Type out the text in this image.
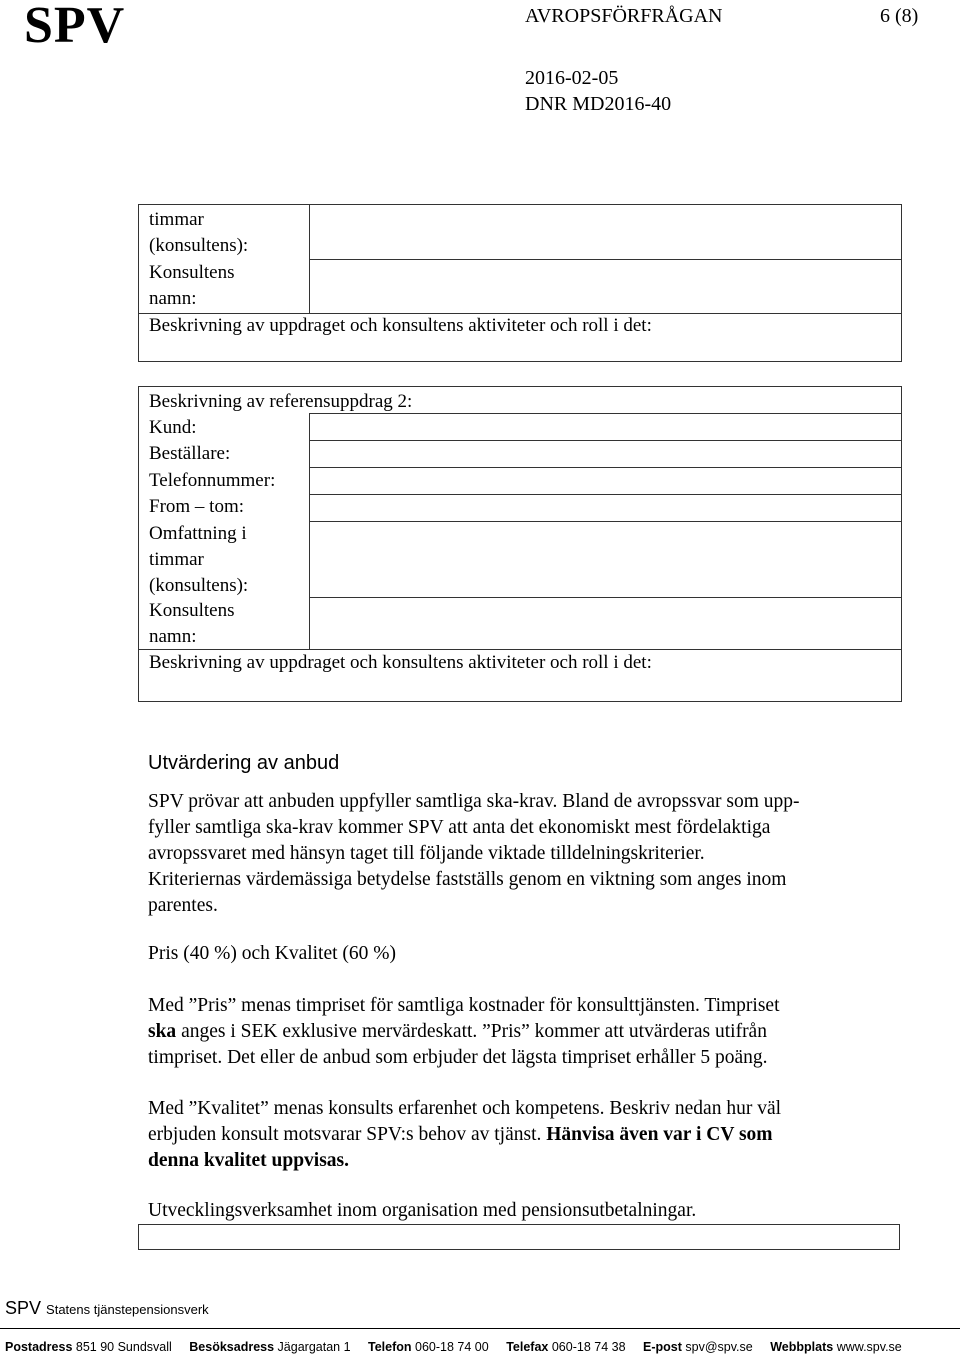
SPV	AVROPSFÖRFRÅGAN	6 (8)
2016-02-05
DNR MD2016-40
timmar
(konsultens):
Konsultens
namn:
Beskrivning av uppdraget och konsultens aktiviteter och roll i det:
Beskrivning av referensuppdrag 2:
Kund:
Beställare:
Telefonnummer:
From – tom:
Omfattning i
timmar
(konsultens):
Konsultens
namn:
Beskrivning av uppdraget och konsultens aktiviteter och roll i det:
Utvärdering av anbud
SPV prövar att anbuden uppfyller samtliga ska-krav. Bland de avropssvar som upp-
fyller samtliga ska-krav kommer SPV att anta det ekonomiskt mest fördelaktiga
avropssvaret med hänsyn taget till följande viktade tilldelningskriterier.
Kriteriernas värdemässiga betydelse fastställs genom en viktning som anges inom
parentes.
Pris (40 %) och Kvalitet (60 %)
Med ”Pris” menas timpriset för samtliga kostnader för konsulttjänsten. Timpriset
ska anges i SEK exklusive mervärdeskatt. ”Pris” kommer att utvärderas utifrån
timpriset. Det eller de anbud som erbjuder det lägsta timpriset erhåller 5 poäng.
Med ”Kvalitet” menas konsults erfarenhet och kompetens. Beskriv nedan hur väl
erbjuden konsult motsvarar SPV:s behov av tjänst. Hänvisa även var i CV som
denna kvalitet uppvisas.
Utvecklingsverksamhet inom organisation med pensionsutbetalningar.
SPV Statens tjänstepensionsverk
Postadress 851 90 Sundsvall Besöksadress Jägargatan 1 Telefon 060-18 74 00 Telefax 060-18 74 38 E-post spv@spv.se Webbplats www.spv.se
